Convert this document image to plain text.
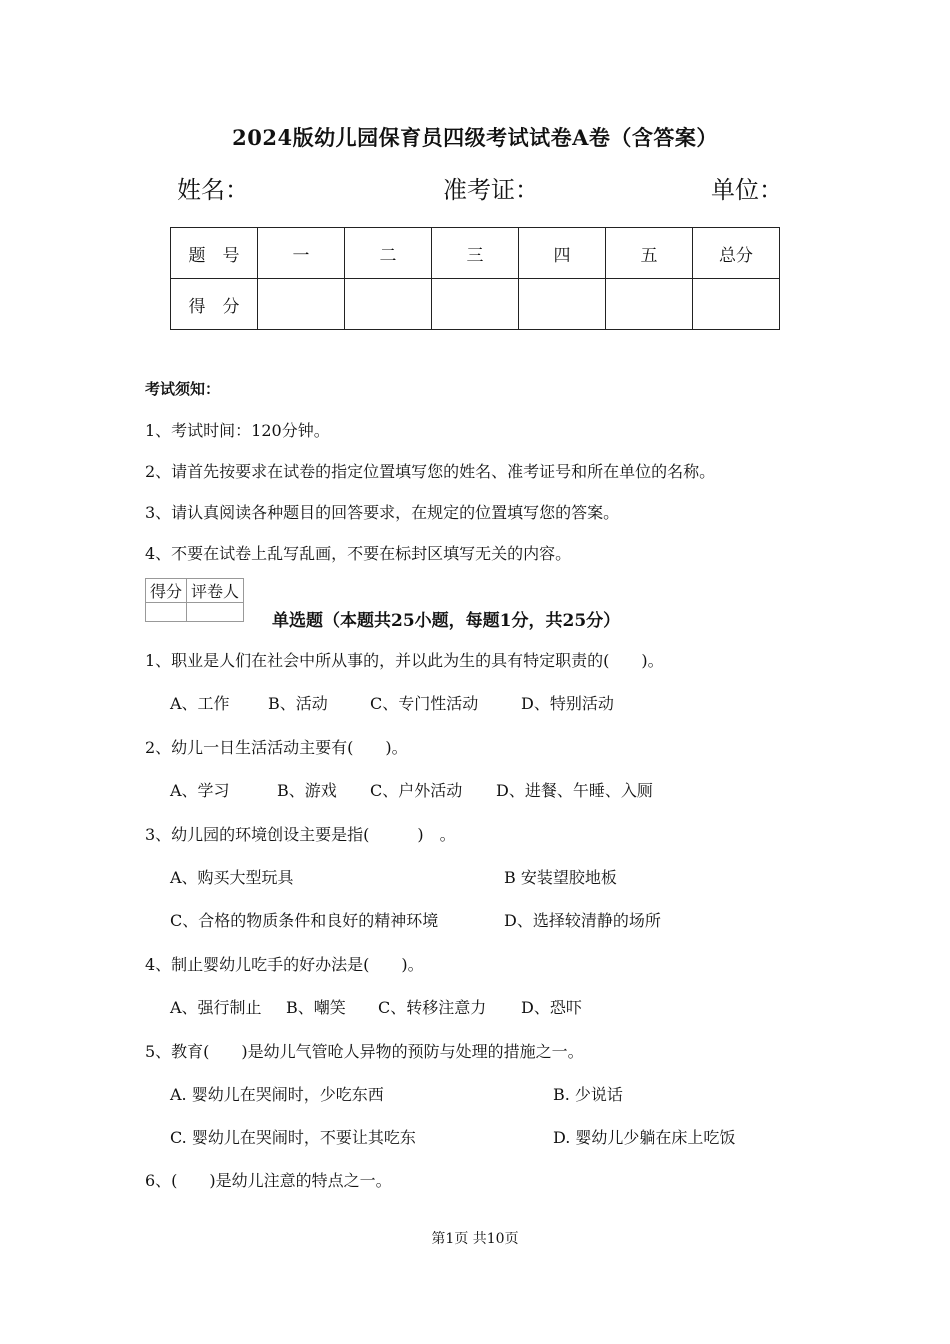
2024版幼儿园保育员四级考试试卷A卷（含答案）
姓名：	准考证：	单位：
题　号	一	二	三	四	五	总分
得　分						
考试须知：
1、考试时间：120分钟。
2、请首先按要求在试卷的指定位置填写您的姓名、准考证号和所在单位的名称。
3、请认真阅读各种题目的回答要求，在规定的位置填写您的答案。
4、不要在试卷上乱写乱画，不要在标封区填写无关的内容。
得分	评卷人

单选题（本题共25小题，每题1分，共25分）
1、职业是人们在社会中所从事的，并以此为生的具有特定职责的(　　)。
A、工作 B、活动	C、专门性活动	D、特别活动
2、幼儿一日生活活动主要有(　　)。
A、学习	B、游戏 C、户外活动 D、进餐、午睡、入厕
3、幼儿园的环境创设主要是指(　　　)　。
A、购买大型玩具	B 安装望胶地板
C、合格的物质条件和良好的精神环境	D、选择较清静的场所
4、制止婴幼儿吃手的好办法是(　　)。
A、强行制止 B、嘲笑 C、转移注意力 D、恐吓
5、教育(　　)是幼儿气管呛人异物的预防与处理的措施之一。
A. 婴幼儿在哭闹时，少吃东西	B. 少说话
C. 婴幼儿在哭闹时，不要让其吃东	D. 婴幼儿少躺在床上吃饭
6、(　　)是幼儿注意的特点之一。
第1页 共10页
